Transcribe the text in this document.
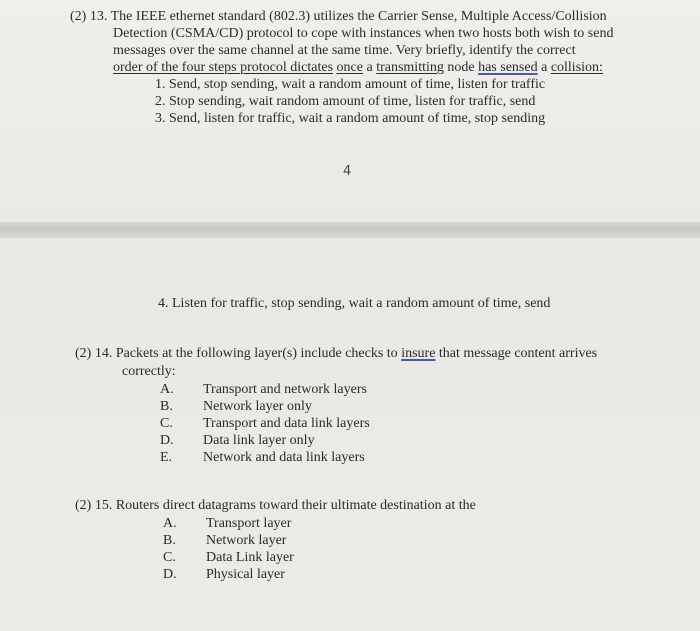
(2) 13. The IEEE ethernet standard (802.3) utilizes the Carrier Sense, Multiple Access/Collision
Detection (CSMA/CD) protocol to cope with instances when two hosts both wish to send
messages over the same channel at the same time. Very briefly, identify the correct
order of the four steps protocol dictates once a transmitting node has sensed a collision:
1. Send, stop sending, wait a random amount of time, listen for traffic
2. Stop sending, wait random amount of time, listen for traffic, send
3. Send, listen for traffic, wait a random amount of time, stop sending
4
4. Listen for traffic, stop sending, wait a random amount of time, send
(2) 14. Packets at the following layer(s) include checks to insure that message content arrives
correctly:
A. Transport and network layers
B. Network layer only
C. Transport and data link layers
D. Data link layer only
E. Network and data link layers
(2) 15. Routers direct datagrams toward their ultimate destination at the
A. Transport layer
B. Network layer
C. Data Link layer
D. Physical layer
